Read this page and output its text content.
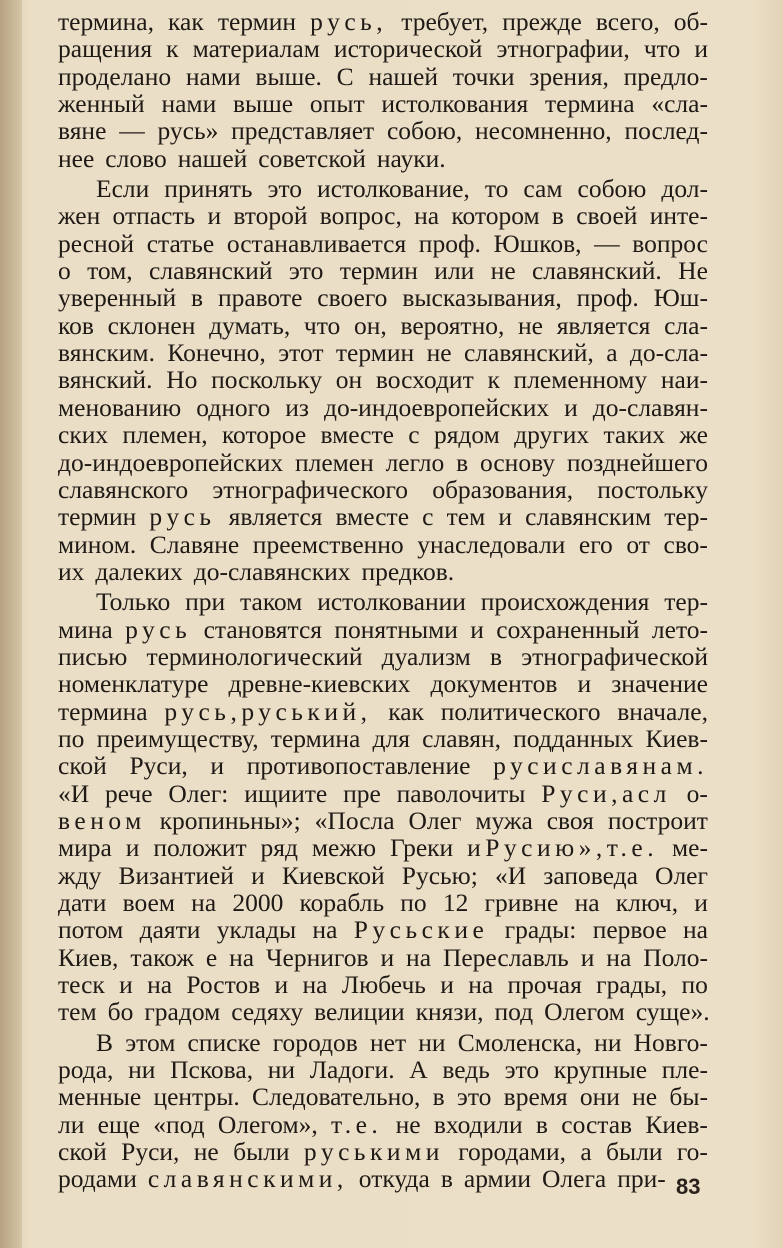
термина, как термин русь, требует, прежде всего, об-
ращения к материалам исторической этнографии, что и
проделано нами выше. С нашей точки зрения, предло-
женный нами выше опыт истолкования термина «сла-
вяне — русь» представляет собою, несомненно, послед-
нее слово нашей советской науки.
Если принять это истолкование, то сам собою дол-
жен отпасть и второй вопрос, на котором в своей инте-
ресной статье останавливается проф. Юшков, — вопрос
о том, славянский это термин или не славянский. Не
уверенный в правоте своего высказывания, проф. Юш-
ков склонен думать, что он, вероятно, не является сла-
вянским. Конечно, этот термин не славянский, а до-сла-
вянский. Но поскольку он восходит к племенному наи-
менованию одного из до-индоевропейских и до-славян-
ских племен, которое вместе с рядом других таких же
до-индоевропейских племен легло в основу позднейшего
славянского этнографического образования, постольку
термин русь является вместе с тем и славянским тер-
мином. Славяне преемственно унаследовали его от сво-
их далеких до-славянских предков.
Только при таком истолковании происхождения тер-
мина русь становятся понятными и сохраненный лето-
писью терминологический дуализм в этнографической
номенклатуре древне-киевских документов и значение
термина русь,руський, как политического вначале,
по преимуществу, термина для славян, подданных Киев-
ской Руси, и противопоставление русиславянам.
«И рече Олег: ищиите пре паволочиты Руси,асл о-
веном кропиньны»; «Посла Олег мужа своя построит
мира и положит ряд межю Греки иРусию»,т.е. ме-
жду Византией и Киевской Русью; «И заповеда Олег
дати воем на 2000 корабль по 12 гривне на ключ, и
потом даяти уклады на Русьские грады: первое на
Киев, також е на Чернигов и на Переславль и на Поло-
теск и на Ростов и на Любечь и на прочая грады, по
тем бо градом седяху велиции князи, под Олегом суще».
В этом списке городов нет ни Смоленска, ни Новго-
рода, ни Пскова, ни Ладоги. А ведь это крупные пле-
менные центры. Следовательно, в это время они не бы-
ли еще «под Олегом», т.е. не входили в состав Киев-
ской Руси, не были руськими городами, а были го-
родами славянскими, откуда в армии Олега при- 83
